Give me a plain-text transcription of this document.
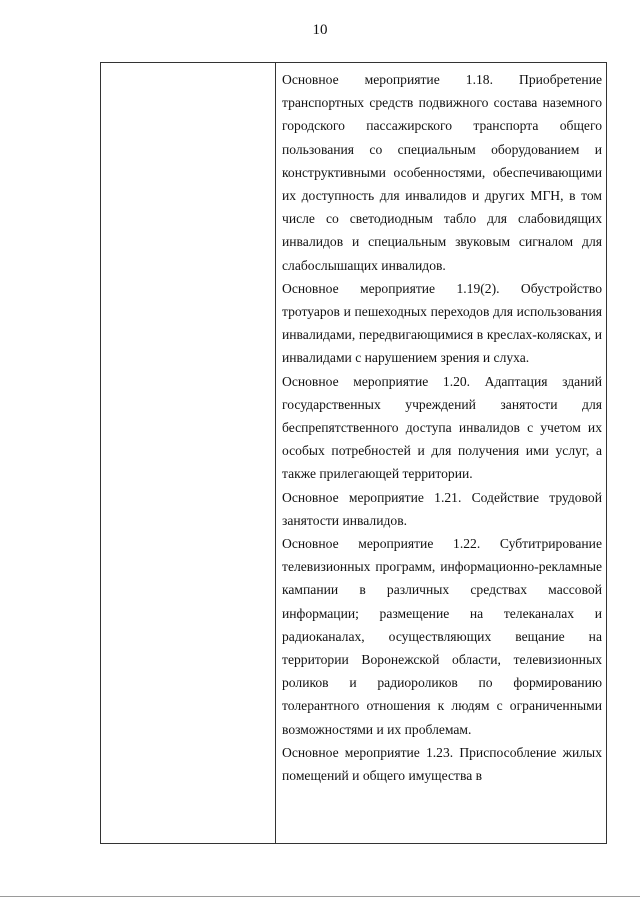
10

Основное мероприятие 1.18. Приобретение транспортных средств подвижного состава наземного городского пассажирского транспорта общего пользования со специальным оборудованием и конструктивными особенностями, обеспечивающими их доступность для инвалидов и других МГН, в том числе со светодиодным табло для слабовидящих инвалидов и специальным звуковым сигналом для слабослышащих инвалидов.

Основное мероприятие 1.19(2). Обустройство тротуаров и пешеходных переходов для использования инвалидами, передвигающимися в креслах-колясках, и инвалидами с нарушением зрения и слуха.

Основное мероприятие 1.20. Адаптация зданий государственных учреждений занятости для беспрепятственного доступа инвалидов с учетом их особых потребностей и для получения ими услуг, а также прилегающей территории.

Основное мероприятие 1.21. Содействие трудовой занятости инвалидов.

Основное мероприятие 1.22. Субтитрирование телевизионных программ, информационно-рекламные кампании в различных средствах массовой информации; размещение на телеканалах и радиоканалах, осуществляющих вещание на территории Воронежской области, телевизионных роликов и радиороликов по формированию толерантного отношения к людям с ограниченными возможностями и их проблемам.

Основное мероприятие 1.23. Приспособление жилых помещений и общего имущества в
